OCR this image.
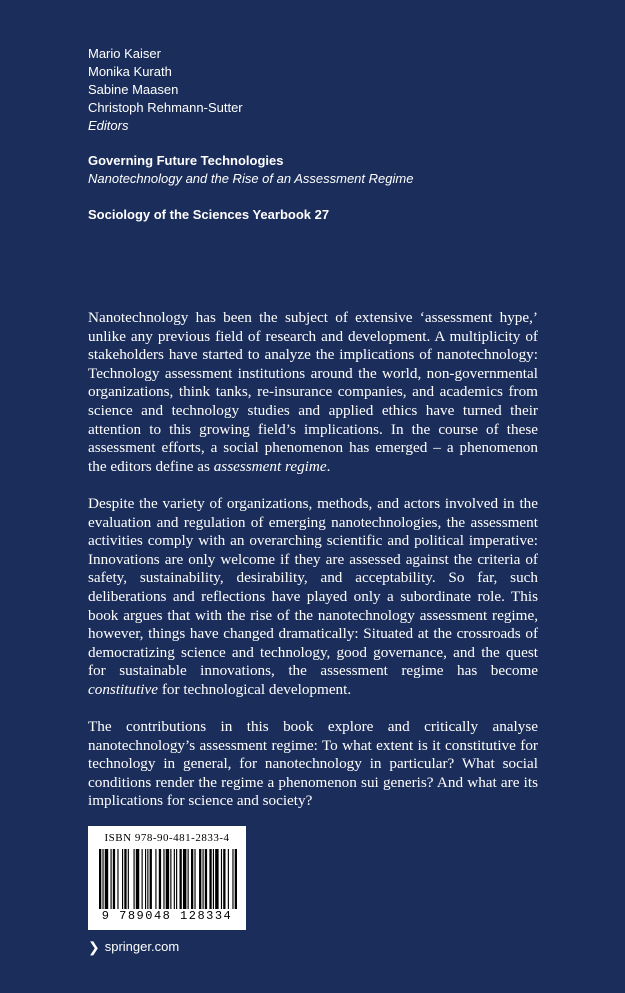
Mario Kaiser
Monika Kurath
Sabine Maasen
Christoph Rehmann-Sutter
Editors
Governing Future Technologies
Nanotechnology and the Rise of an Assessment Regime
Sociology of the Sciences Yearbook 27

Nanotechnology has been the subject of extensive ‘assessment hype,’ unlike any previous field of research and development. A multiplicity of stakeholders have started to analyze the implications of nanotechnology: Technology assessment institutions around the world, non-governmental organizations, think tanks, re-insurance companies, and academics from science and technology studies and applied ethics have turned their attention to this growing field’s implications. In the course of these assessment efforts, a social phenomenon has emerged – a phenomenon the editors define as assessment regime.

Despite the variety of organizations, methods, and actors involved in the evaluation and regulation of emerging nanotechnologies, the assessment activities comply with an overarching scientific and political imperative: Innovations are only welcome if they are assessed against the criteria of safety, sustainability, desirability, and acceptability. So far, such deliberations and reflections have played only a subordinate role. This book argues that with the rise of the nanotechnology assessment regime, however, things have changed dramatically: Situated at the crossroads of democratizing science and technology, good governance, and the quest for sustainable innovations, the assessment regime has become constitutive for technological development.

The contributions in this book explore and critically analyse nanotechnology’s assessment regime: To what extent is it constitutive for technology in general, for nanotechnology in particular? What social conditions render the regime a phenomenon sui generis? And what are its implications for science and society?

ISBN 978-90-481-2833-4
9 789048 128334
❯ springer.com
